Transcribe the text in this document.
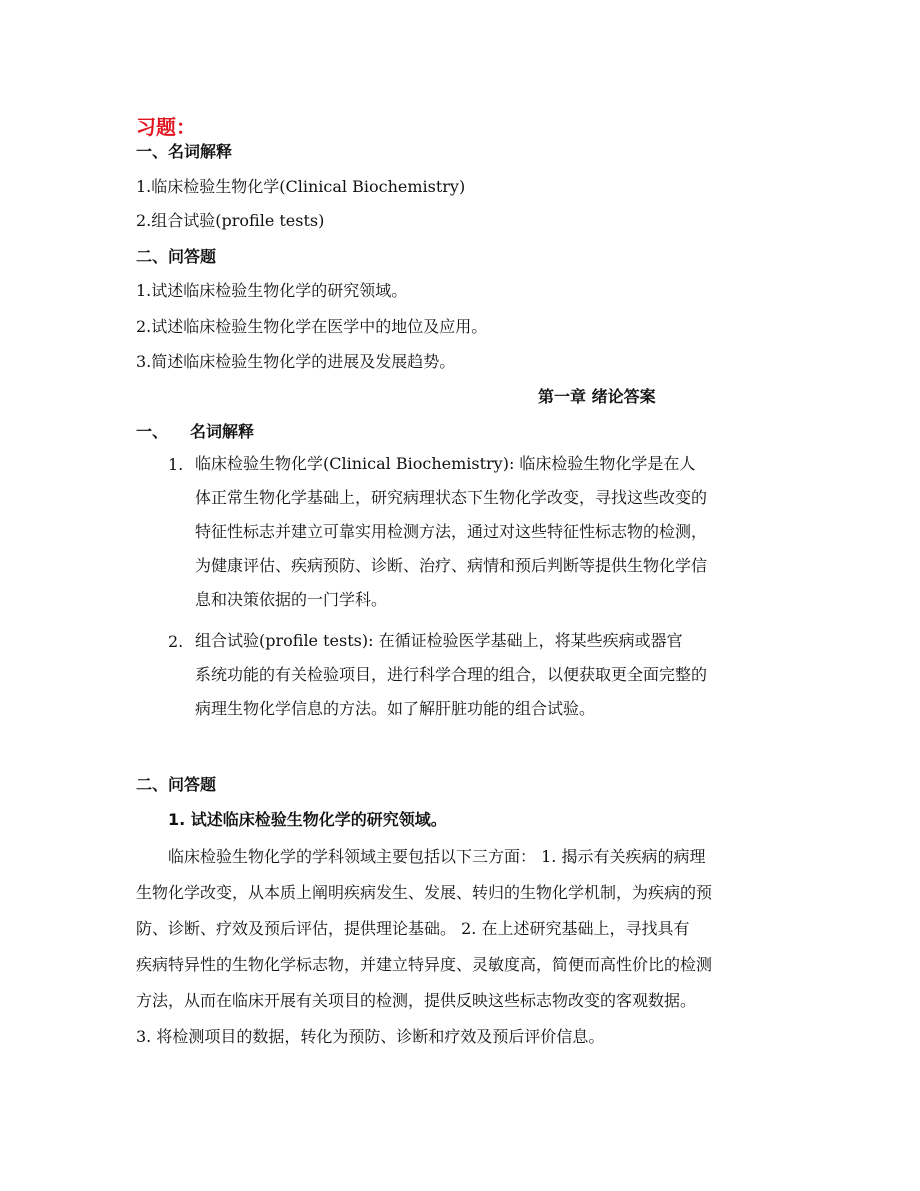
习题：
一、名词解释
1.临床检验生物化学(Clinical Biochemistry)
2.组合试验(profile tests)
二、问答题
1.试述临床检验生物化学的研究领域。
2.试述临床检验生物化学在医学中的地位及应用。
3.简述临床检验生物化学的进展及发展趋势。
第一章 绪论答案
一、 名词解释
1. 临床检验生物化学(Clinical Biochemistry): 临床检验生物化学是在人
体正常生物化学基础上，研究病理状态下生物化学改变，寻找这些改变的
特征性标志并建立可靠实用检测方法，通过对这些特征性标志物的检测，
为健康评估、疾病预防、诊断、治疗、病情和预后判断等提供生物化学信
息和决策依据的一门学科。
2. 组合试验(profile tests): 在循证检验医学基础上，将某些疾病或器官
系统功能的有关检验项目，进行科学合理的组合，以便获取更全面完整的
病理生物化学信息的方法。如了解肝脏功能的组合试验。
二、问答题
1. 试述临床检验生物化学的研究领域。
临床检验生物化学的学科领域主要包括以下三方面： 1. 揭示有关疾病的病理
生物化学改变，从本质上阐明疾病发生、发展、转归的生物化学机制，为疾病的预
防、诊断、疗效及预后评估，提供理论基础。 2. 在上述研究基础上，寻找具有
疾病特异性的生物化学标志物，并建立特异度、灵敏度高，简便而高性价比的检测
方法，从而在临床开展有关项目的检测，提供反映这些标志物改变的客观数据。
3. 将检测项目的数据，转化为预防、诊断和疗效及预后评价信息。
